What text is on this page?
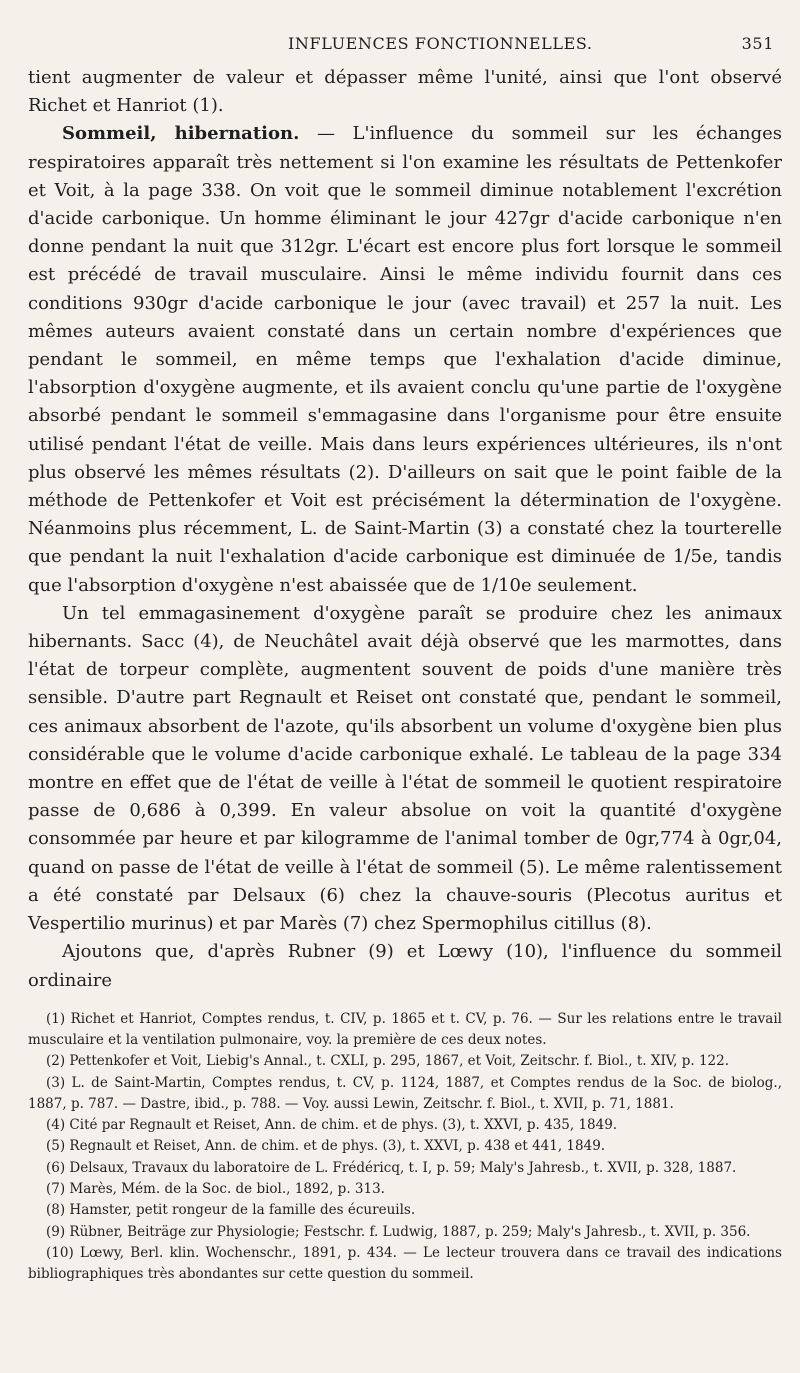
INFLUENCES FONCTIONNELLES.	351

tient augmenter de valeur et dépasser même l'unité, ainsi que l'ont observé Richet et Hanriot (1).

Sommeil, hibernation. — L'influence du sommeil sur les échanges respiratoires apparaît très nettement si l'on examine les résultats de Pettenkofer et Voit, à la page 338. On voit que le sommeil diminue notablement l'excrétion d'acide carbonique. Un homme éliminant le jour 427gr d'acide carbonique n'en donne pendant la nuit que 312gr. L'écart est encore plus fort lorsque le sommeil est précédé de travail musculaire. Ainsi le même individu fournit dans ces conditions 930gr d'acide carbonique le jour (avec travail) et 257 la nuit. Les mêmes auteurs avaient constaté dans un certain nombre d'expériences que pendant le sommeil, en même temps que l'exhalation d'acide diminue, l'absorption d'oxygène augmente, et ils avaient conclu qu'une partie de l'oxygène absorbé pendant le sommeil s'emmagasine dans l'organisme pour être ensuite utilisé pendant l'état de veille. Mais dans leurs expériences ultérieures, ils n'ont plus observé les mêmes résultats (2). D'ailleurs on sait que le point faible de la méthode de Pettenkofer et Voit est précisément la détermination de l'oxygène. Néanmoins plus récemment, L. de Saint-Martin (3) a constaté chez la tourterelle que pendant la nuit l'exhalation d'acide carbonique est diminuée de 1/5e, tandis que l'absorption d'oxygène n'est abaissée que de 1/10e seulement.

Un tel emmagasinement d'oxygène paraît se produire chez les animaux hibernants. Sacc (4), de Neuchâtel avait déjà observé que les marmottes, dans l'état de torpeur complète, augmentent souvent de poids d'une manière très sensible. D'autre part Regnault et Reiset ont constaté que, pendant le sommeil, ces animaux absorbent de l'azote, qu'ils absorbent un volume d'oxygène bien plus considérable que le volume d'acide carbonique exhalé. Le tableau de la page 334 montre en effet que de l'état de veille à l'état de sommeil le quotient respiratoire passe de 0,686 à 0,399. En valeur absolue on voit la quantité d'oxygène consommée par heure et par kilogramme de l'animal tomber de 0gr,774 à 0gr,04, quand on passe de l'état de veille à l'état de sommeil (5). Le même ralentissement a été constaté par Delsaux (6) chez la chauve-souris (Plecotus auritus et Vespertilio murinus) et par Marès (7) chez Spermophilus citillus (8).

Ajoutons que, d'après Rubner (9) et Lœwy (10), l'influence du sommeil ordinaire

(1) Richet et Hanriot, Comptes rendus, t. CIV, p. 1865 et t. CV, p. 76. — Sur les relations entre le travail musculaire et la ventilation pulmonaire, voy. la première de ces deux notes.

(2) Pettenkofer et Voit, Liebig's Annal., t. CXLI, p. 295, 1867, et Voit, Zeitschr. f. Biol., t. XIV, p. 122.

(3) L. de Saint-Martin, Comptes rendus, t. CV, p. 1124, 1887, et Comptes rendus de la Soc. de biolog., 1887, p. 787. — Dastre, ibid., p. 788. — Voy. aussi Lewin, Zeitschr. f. Biol., t. XVII, p. 71, 1881.

(4) Cité par Regnault et Reiset, Ann. de chim. et de phys. (3), t. XXVI, p. 435, 1849.

(5) Regnault et Reiset, Ann. de chim. et de phys. (3), t. XXVI, p. 438 et 441, 1849.

(6) Delsaux, Travaux du laboratoire de L. Frédéricq, t. I, p. 59; Maly's Jahresb., t. XVII, p. 328, 1887.

(7) Marès, Mém. de la Soc. de biol., 1892, p. 313.

(8) Hamster, petit rongeur de la famille des écureuils.

(9) Rübner, Beiträge zur Physiologie; Festschr. f. Ludwig, 1887, p. 259; Maly's Jahresb., t. XVII, p. 356.

(10) Lœwy, Berl. klin. Wochenschr., 1891, p. 434. — Le lecteur trouvera dans ce travail des indications bibliographiques très abondantes sur cette question du sommeil.
